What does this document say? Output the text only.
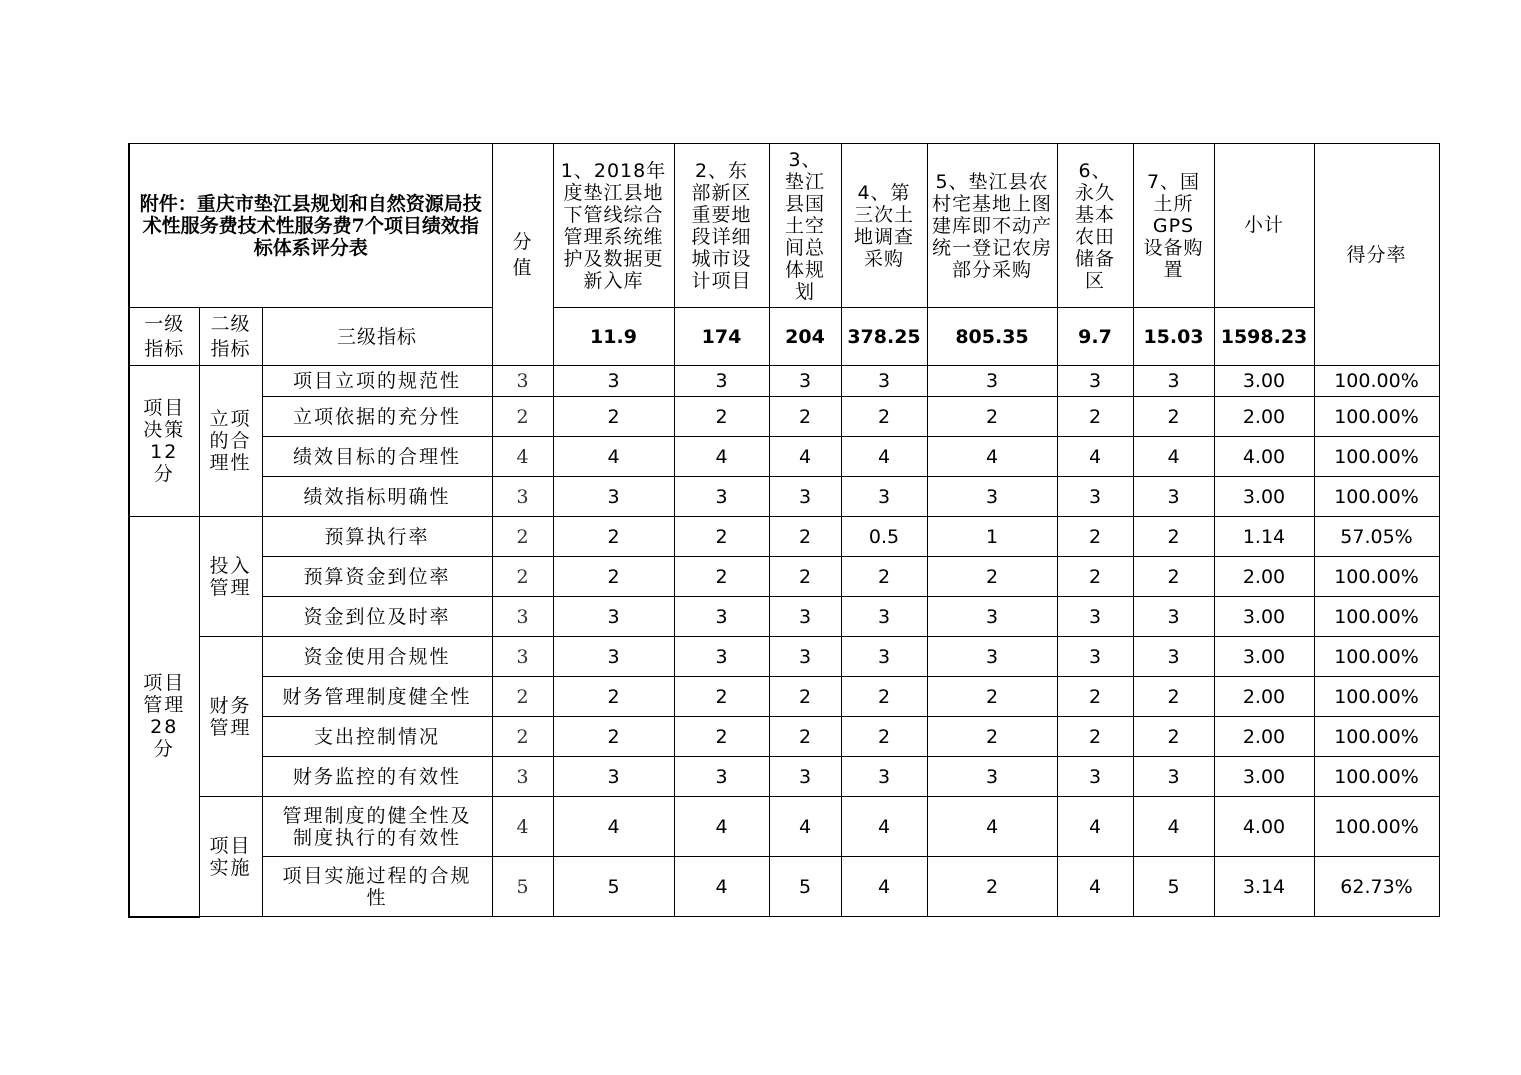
附件：重庆市垫江县规划和自然资源局技术性服务费技术性服务费7个项目绩效指标体系评分表			分值	1、2018年度垫江县地下管线综合管理系统维护及数据更新入库	2、东部新区重要地段详细城市设计项目	3、垫江县国土空间总体规划	4、第三次土地调查采购	5、垫江县农村宅基地上图建库即不动产统一登记农房部分采购	6、永久基本农田储备区	7、国土所GPS设备购置	小计	得分率

一级指标	二级指标	三级指标		11.9	174	204	378.25	805.35	9.7	15.03	1598.23	

项目决策12分	立项的合理性	项目立项的规范性	3	3	3	3	3	3	3	3	3.00	100.00%

		立项依据的充分性	2	2	2	2	2	2	2	2	2.00	100.00%

		绩效目标的合理性	4	4	4	4	4	4	4	4	4.00	100.00%

		绩效指标明确性	3	3	3	3	3	3	3	3	3.00	100.00%

项目管理28分	投入管理	预算执行率	2	2	2	2	0.5	1	2	2	1.14	57.05%

		预算资金到位率	2	2	2	2	2	2	2	2	2.00	100.00%

		资金到位及时率	3	3	3	3	3	3	3	3	3.00	100.00%

	财务管理	资金使用合规性	3	3	3	3	3	3	3	3	3.00	100.00%

		财务管理制度健全性	2	2	2	2	2	2	2	2	2.00	100.00%

		支出控制情况	2	2	2	2	2	2	2	2	2.00	100.00%

		财务监控的有效性	3	3	3	3	3	3	3	3	3.00	100.00%

	项目实施	管理制度的健全性及制度执行的有效性	4	4	4	4	4	4	4	4	4.00	100.00%

		项目实施过程的合规性	5	5	4	5	4	2	4	5	3.14	62.73%
